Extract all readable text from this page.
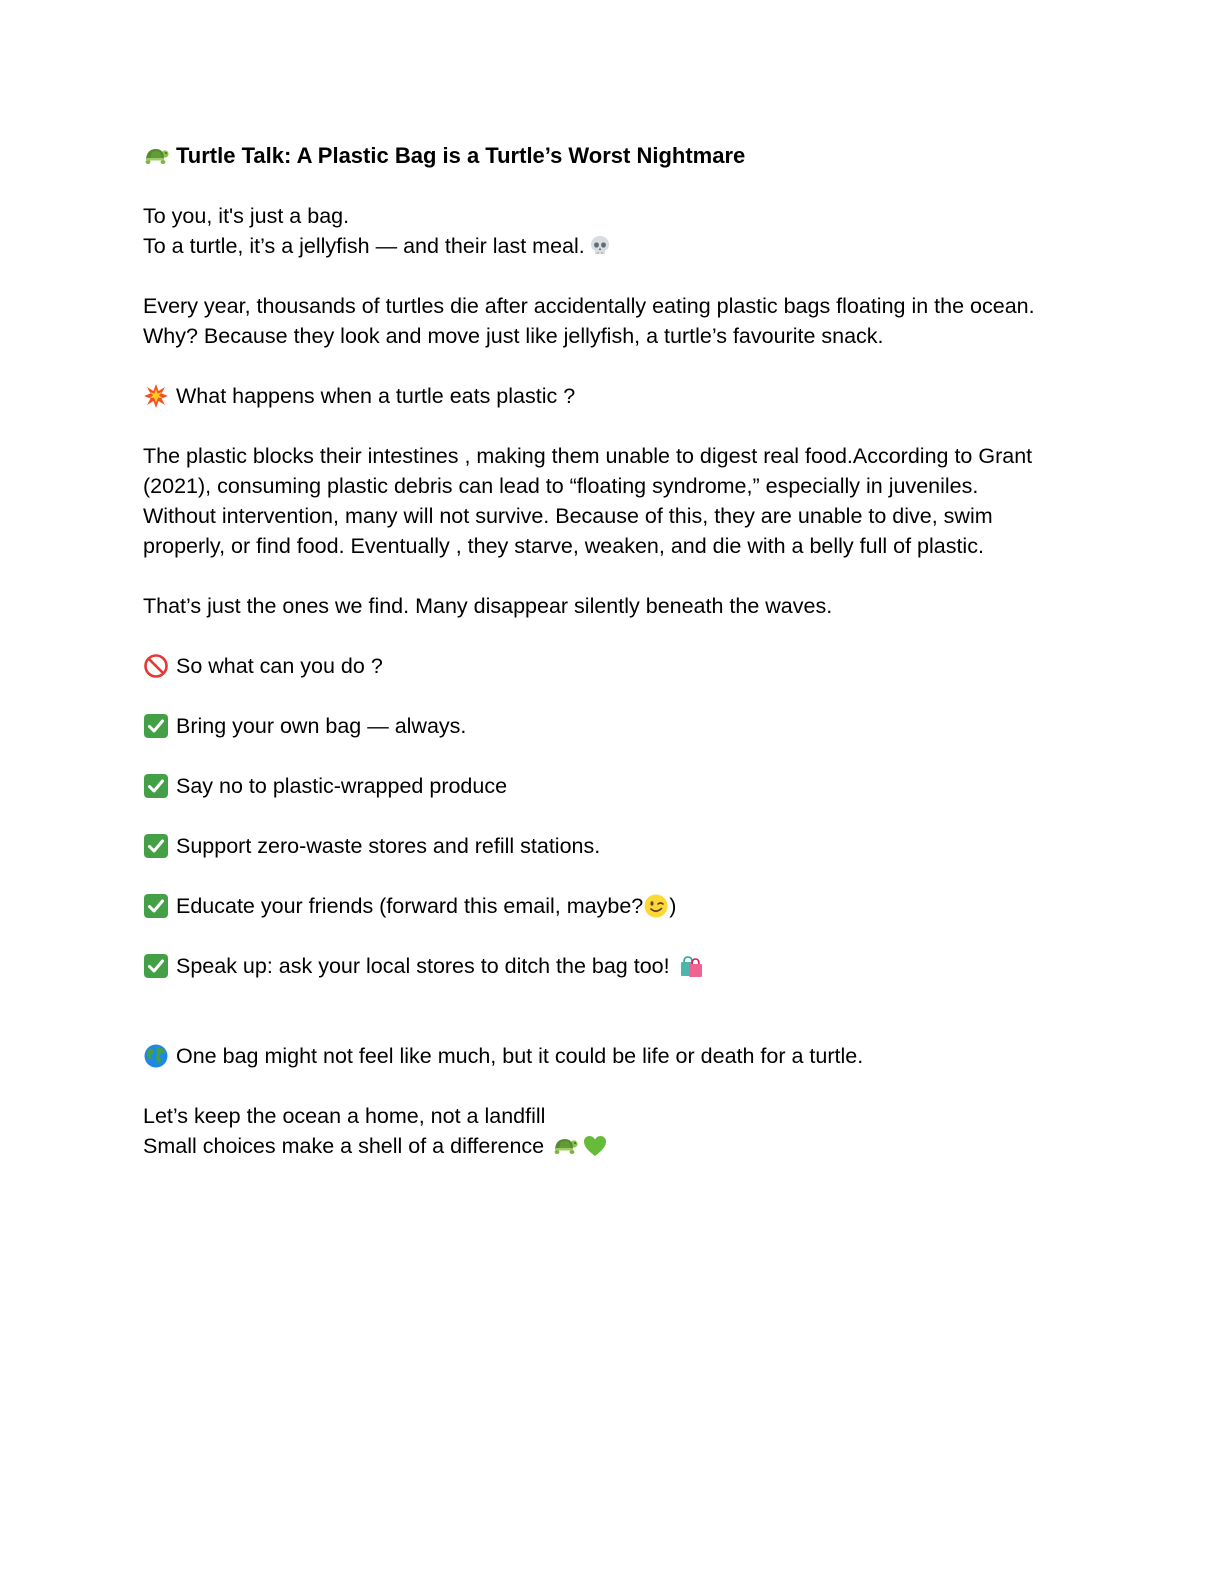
Turtle Talk: A Plastic Bag is a Turtle’s Worst Nightmare

To you, it's just a bag.

To a turtle, it’s a jellyfish — and their last meal.

Every year, thousands of turtles die after accidentally eating plastic bags floating in the ocean.

Why? Because they look and move just like jellyfish, a turtle’s favourite snack.

What happens when a turtle eats plastic ?

The plastic blocks their intestines , making them unable to digest real food.According to Grant

(2021), consuming plastic debris can lead to “floating syndrome,” especially in juveniles.

Without intervention, many will not survive. Because of this, they are unable to dive, swim

properly, or find food. Eventually , they starve, weaken, and die with a belly full of plastic.

That’s just the ones we find. Many disappear silently beneath the waves.

So what can you do ?

Bring your own bag — always.

Say no to plastic-wrapped produce

Support zero-waste stores and refill stations.

Educate your friends (forward this email, maybe? )

Speak up: ask your local stores to ditch the bag too!

One bag might not feel like much, but it could be life or death for a turtle.

Let’s keep the ocean a home, not a landfill

Small choices make a shell of a difference
